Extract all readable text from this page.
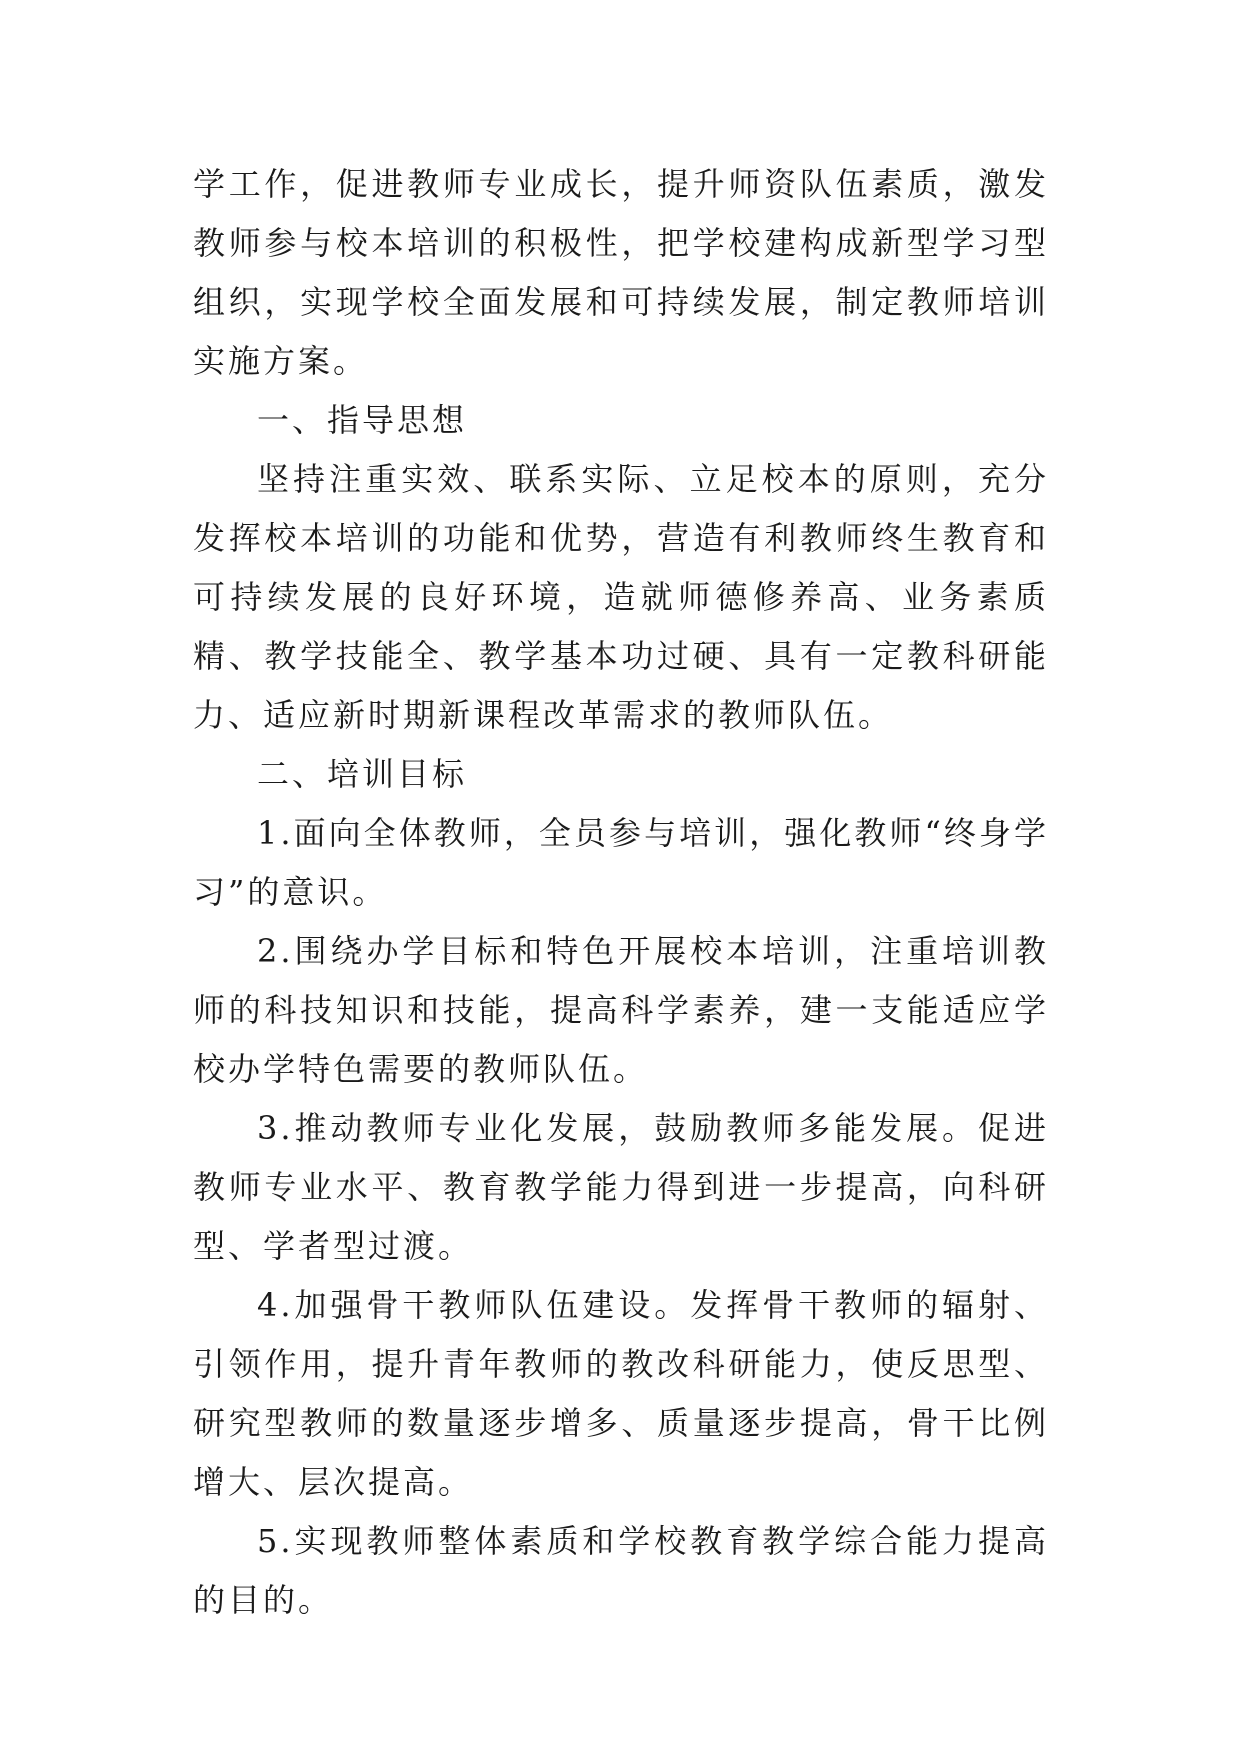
学工作，促进教师专业成长，提升师资队伍素质，激发教师参与校本培训的积极性，把学校建构成新型学习型组织，实现学校全面发展和可持续发展，制定教师培训实施方案。

一、指导思想

坚持注重实效、联系实际、立足校本的原则，充分发挥校本培训的功能和优势，营造有利教师终生教育和可持续发展的良好环境，造就师德修养高、业务素质精、教学技能全、教学基本功过硬、具有一定教科研能力、适应新时期新课程改革需求的教师队伍。

二、培训目标

1.面向全体教师，全员参与培训，强化教师“终身学习”的意识。

2.围绕办学目标和特色开展校本培训，注重培训教师的科技知识和技能，提高科学素养，建一支能适应学校办学特色需要的教师队伍。

3.推动教师专业化发展，鼓励教师多能发展。促进教师专业水平、教育教学能力得到进一步提高，向科研型、学者型过渡。

4.加强骨干教师队伍建设。发挥骨干教师的辐射、引领作用，提升青年教师的教改科研能力，使反思型、研究型教师的数量逐步增多、质量逐步提高，骨干比例增大、层次提高。

5.实现教师整体素质和学校教育教学综合能力提高的目的。
